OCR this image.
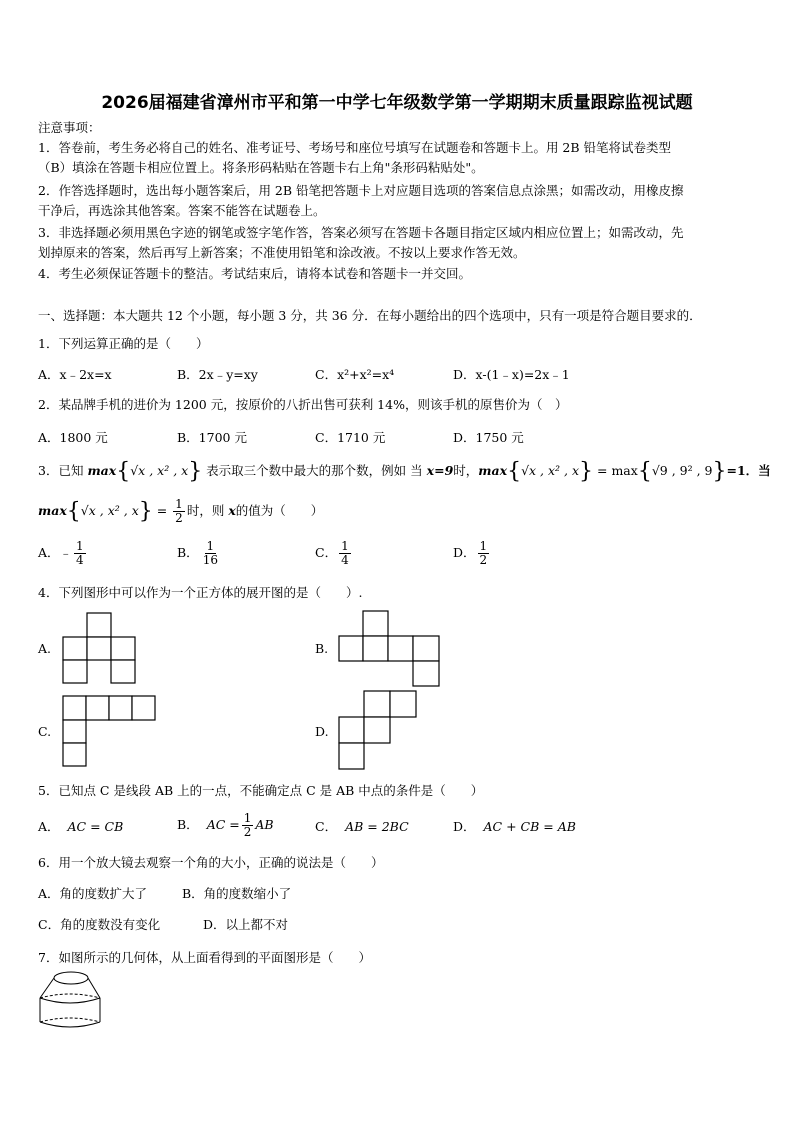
2026届福建省漳州市平和第一中学七年级数学第一学期期末质量跟踪监视试题
注意事项：
1．答卷前，考生务必将自己的姓名、准考证号、考场号和座位号填写在试题卷和答题卡上。用 2B 铅笔将试卷类型
（B）填涂在答题卡相应位置上。将条形码粘贴在答题卡右上角"条形码粘贴处"。
2．作答选择题时，选出每小题答案后，用 2B 铅笔把答题卡上对应题目选项的答案信息点涂黑；如需改动，用橡皮擦
干净后，再选涂其他答案。答案不能答在试题卷上。
3．非选择题必须用黑色字迹的钢笔或签字笔作答，答案必须写在答题卡各题目指定区域内相应位置上；如需改动，先
划掉原来的答案，然后再写上新答案；不准使用铅笔和涂改液。不按以上要求作答无效。
4．考生必须保证答题卡的整洁。考试结束后，请将本试卷和答题卡一并交回。
一、选择题：本大题共 12 个小题，每小题 3 分，共 36 分．在每小题给出的四个选项中，只有一项是符合题目要求的．
1．下列运算正确的是（　　）
A．x﹣2x=x	B．2x﹣y=xy	C．x²+x²=x⁴	D．x-(1﹣x)=2x﹣1
2．某品牌手机的进价为 1200 元，按原价的八折出售可获利 14%，则该手机的原售价为（　）
A．1800 元	B．1700 元	C．1710 元	D．1750 元
3．已知 max{√x , x² , x} 表示取三个数中最大的那个数，例如 当 x=9时，max{√x , x² , x} = max{√9 , 9² , 9}=1．当
max{√x , x² , $x\} = \frac{1}{2}$ 时，则 x的值为（　　）
A．﹣ $\frac{1}{4}$	B． $\frac{1}{16}$	C． $\frac{1}{4}$	D． $\frac{1}{2}$
4．下列图形中可以作为一个正方体的展开图的是（　　）.
A.	B.
C.	D.
5．已知点 C 是线段 AB 上的一点，不能确定点 C 是 AB 中点的条件是（　　）
A． AC = CB	B． AC = $\frac{1}{2}$ AB	C． AB = 2BC	D． AC + CB = AB
6．用一个放大镜去观察一个角的大小，正确的说法是（　　）
A．角的度数扩大了	B．角的度数缩小了
C．角的度数没有变化	D．以上都不对
7．如图所示的几何体，从上面看得到的平面图形是（　　）
